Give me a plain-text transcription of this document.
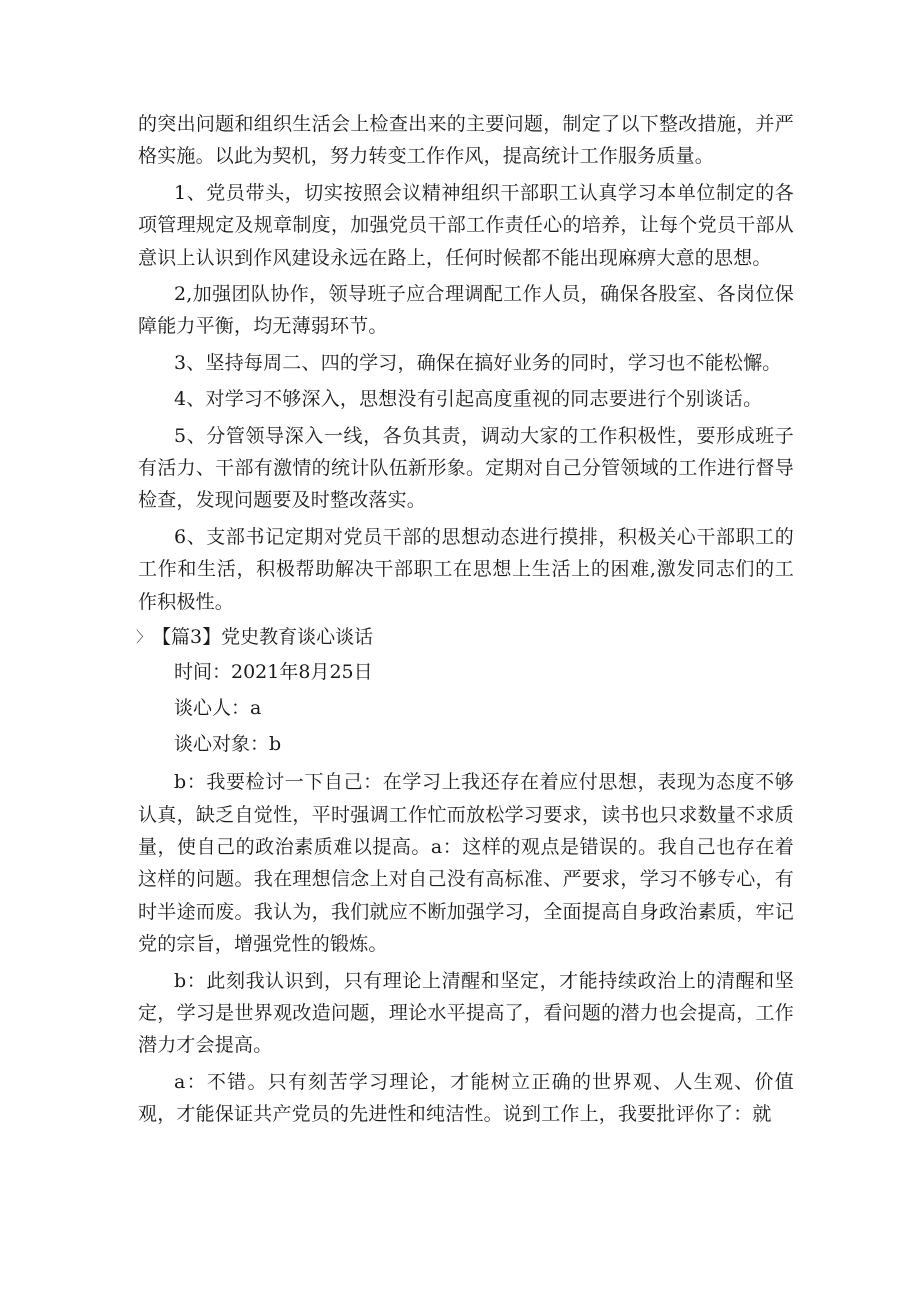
的突出问题和组织生活会上检查出来的主要问题，制定了以下整改措施，并严格实施。以此为契机，努力转变工作作风，提高统计工作服务质量。

1、党员带头，切实按照会议精神组织干部职工认真学习本单位制定的各项管理规定及规章制度，加强党员干部工作责任心的培养，让每个党员干部从意识上认识到作风建设永远在路上，任何时候都不能出现麻痹大意的思想。

2,加强团队协作，领导班子应合理调配工作人员，确保各股室、各岗位保障能力平衡，均无薄弱环节。

3、坚持每周二、四的学习，确保在搞好业务的同时，学习也不能松懈。

4、对学习不够深入，思想没有引起高度重视的同志要进行个别谈话。

5、分管领导深入一线，各负其责，调动大家的工作积极性，要形成班子有活力、干部有激情的统计队伍新形象。定期对自己分管领域的工作进行督导检查，发现问题要及时整改落实。

6、支部书记定期对党员干部的思想动态进行摸排，积极关心干部职工的工作和生活，积极帮助解决干部职工在思想上生活上的困难,激发同志们的工作积极性。

〉 【篇3】党史教育谈心谈话

时间：2021年8月25日

谈心人：a

谈心对象：b

b：我要检讨一下自己：在学习上我还存在着应付思想，表现为态度不够认真，缺乏自觉性，平时强调工作忙而放松学习要求，读书也只求数量不求质量，使自己的政治素质难以提高。a：这样的观点是错误的。我自己也存在着这样的问题。我在理想信念上对自己没有高标准、严要求，学习不够专心，有时半途而废。我认为，我们就应不断加强学习，全面提高自身政治素质，牢记党的宗旨，增强党性的锻炼。

b：此刻我认识到，只有理论上清醒和坚定，才能持续政治上的清醒和坚定，学习是世界观改造问题，理论水平提高了，看问题的潜力也会提高，工作潜力才会提高。

a：不错。只有刻苦学习理论，才能树立正确的世界观、人生观、价值观，才能保证共产党员的先进性和纯洁性。说到工作上，我要批评你了：就
